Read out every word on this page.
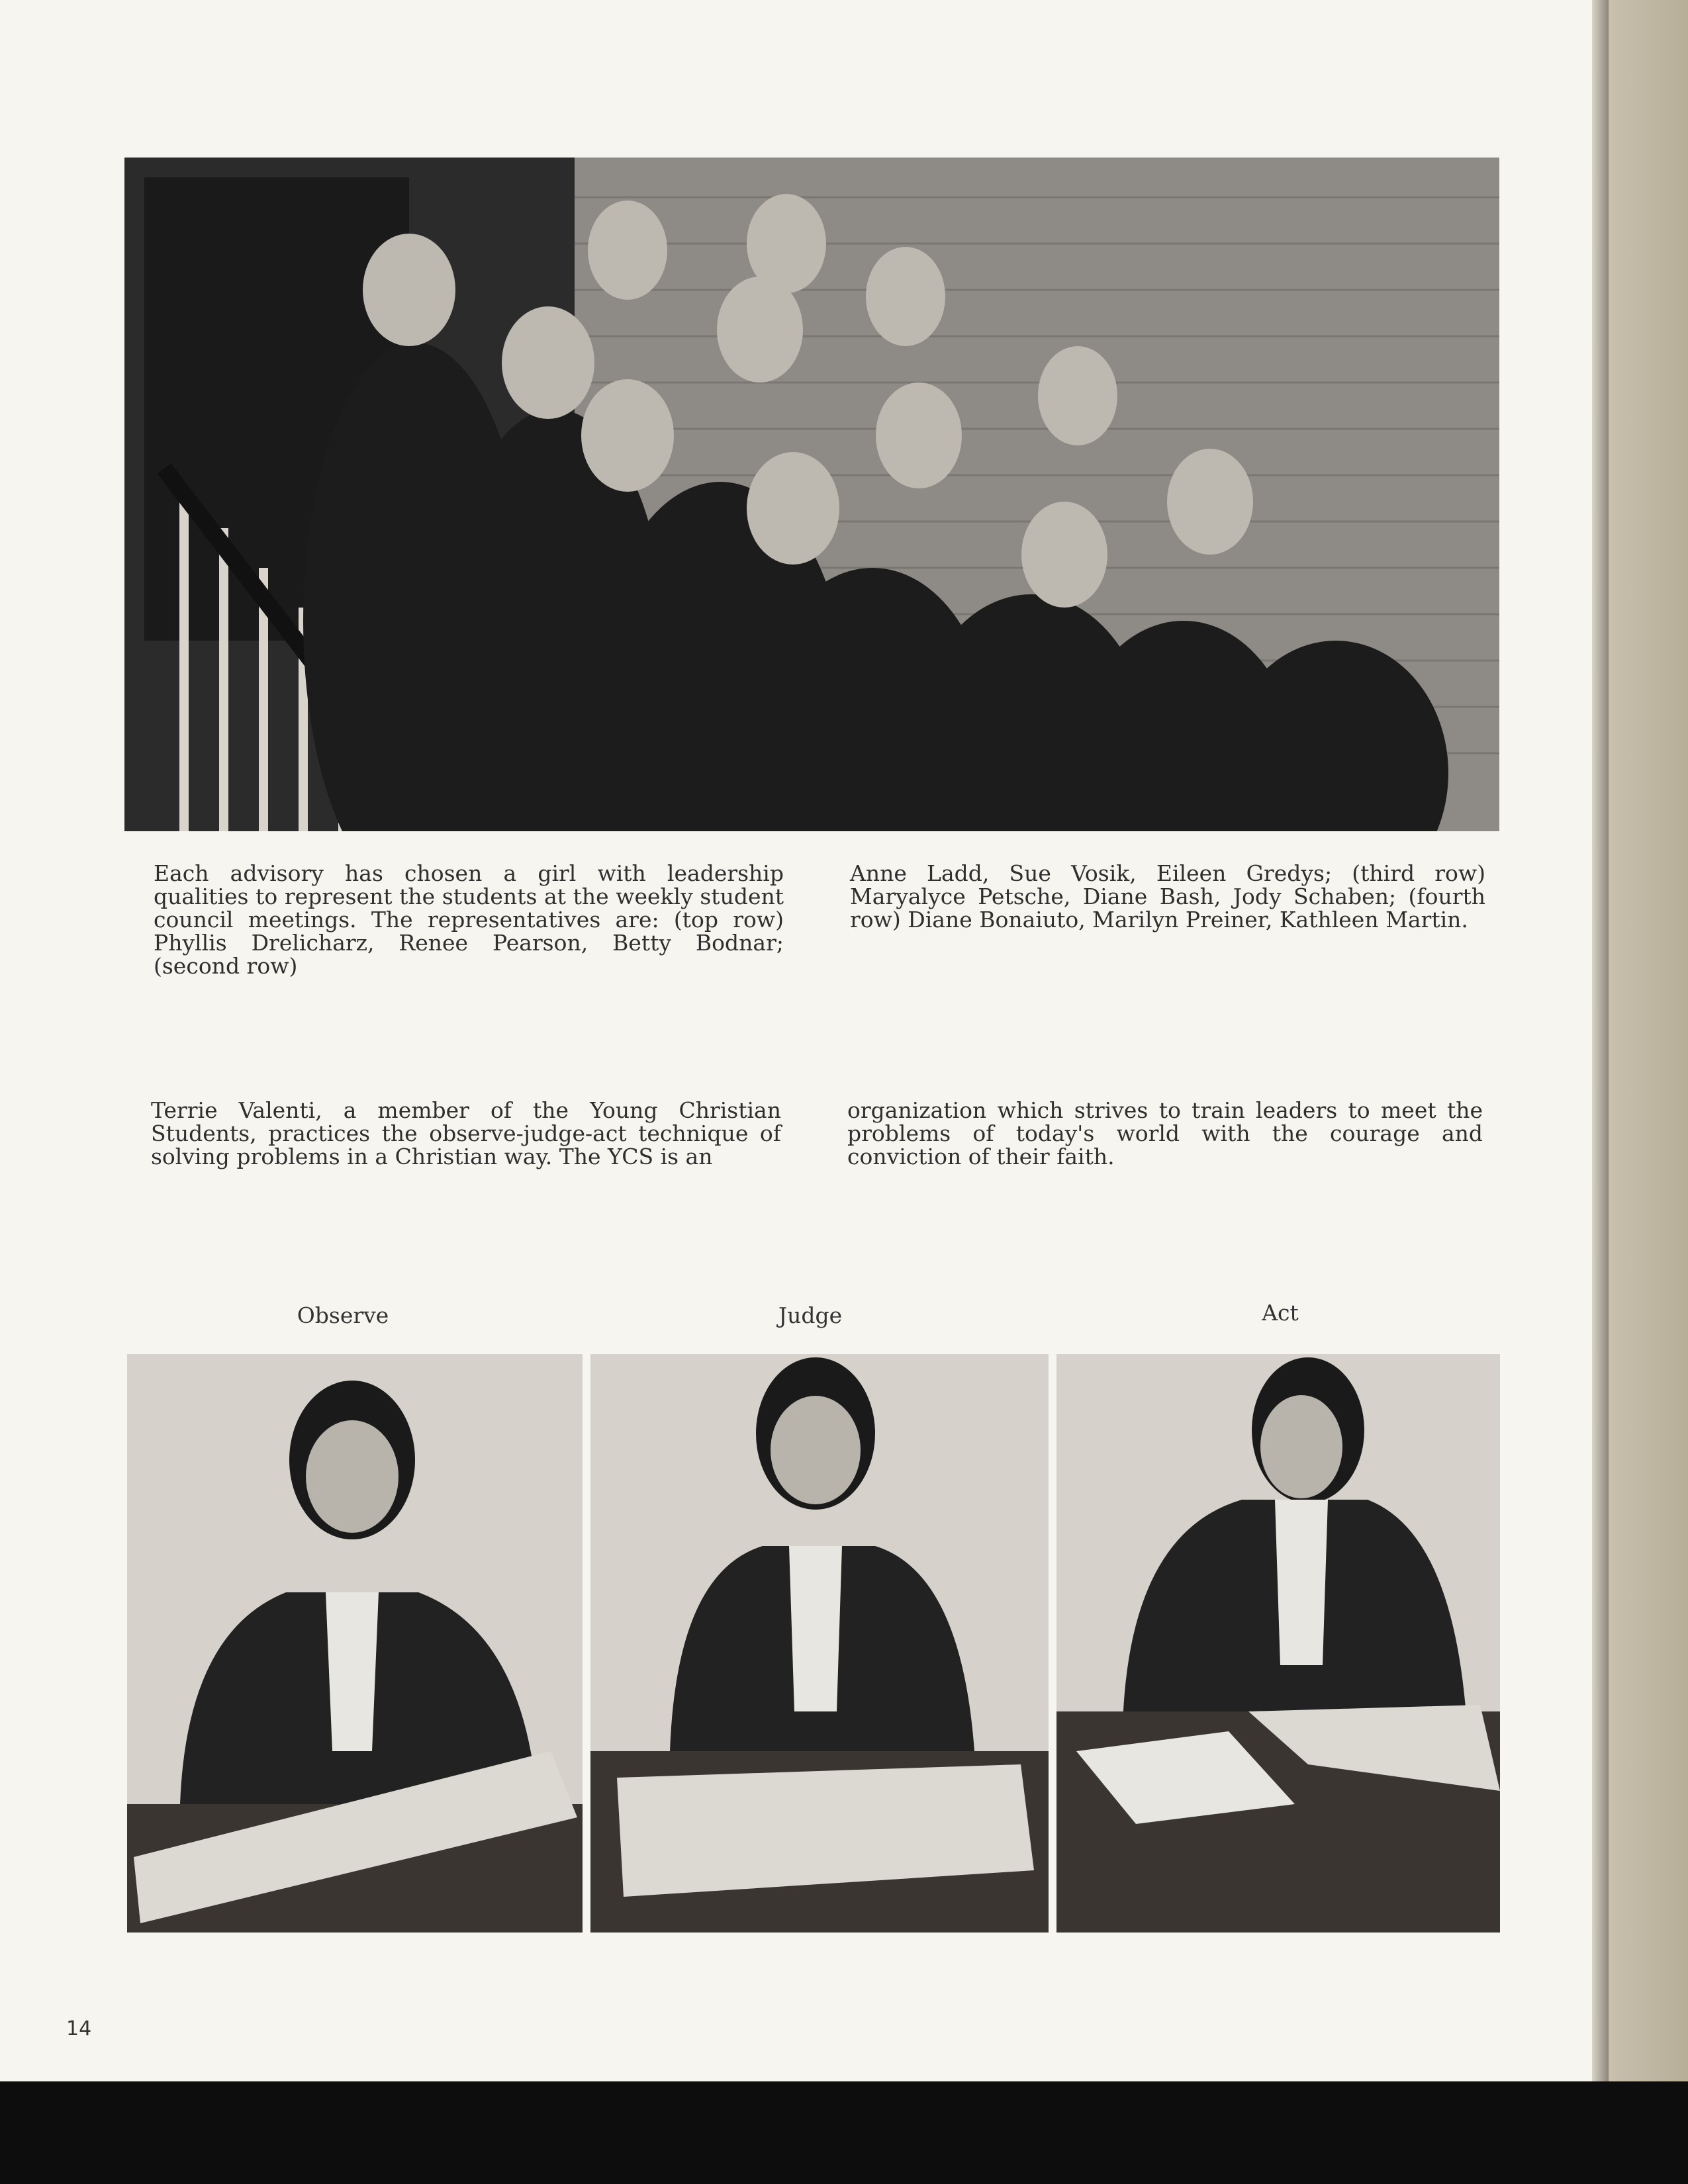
Each advisory has chosen a girl with leadership qualities to represent the students at the weekly student council meetings. The representatives are: (top row) Phyllis Drelicharz, Renee Pearson, Betty Bodnar; (second row)

Anne Ladd, Sue Vosik, Eileen Gredys; (third row) Maryalyce Petsche, Diane Bash, Jody Schaben; (fourth row) Diane Bonaiuto, Marilyn Preiner, Kathleen Martin.

Terrie Valenti, a member of the Young Christian Students, practices the observe-judge-act technique of solving problems in a Christian way. The YCS is an

organization which strives to train leaders to meet the problems of today's world with the courage and conviction of their faith.

Observe	Judge	Act
14
